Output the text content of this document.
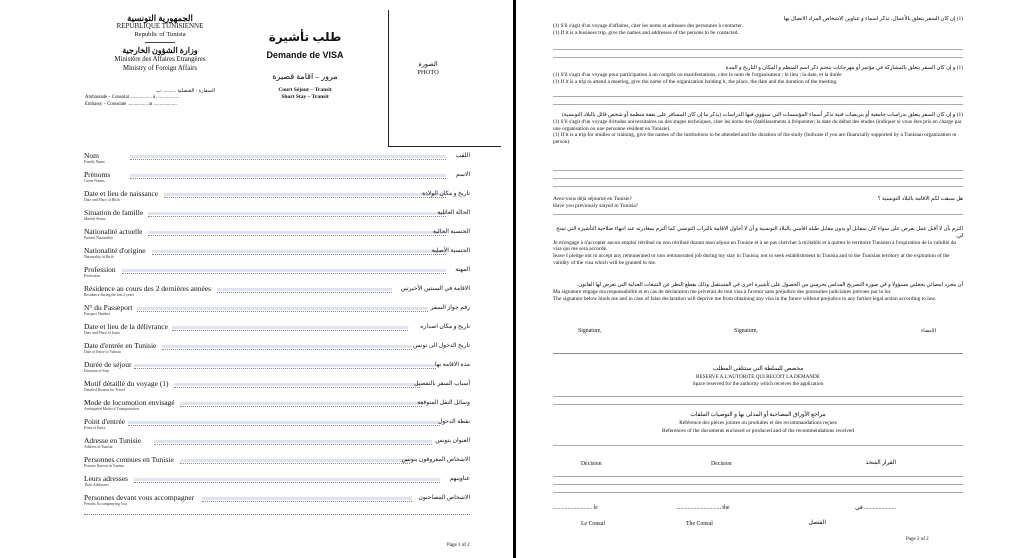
الجمهورية التونسية
REPUBLIQUE TUNISIENNE
Republic of Tunisia
وزارة الشؤون الخارجية
Ministère des Affaires Etrangères
Ministry of Foreign Affairs
السفارة - القنصلية ........... ب
Ambassade – Consulat .................. à ...................
Embassy – Consulate ................. at ....................
طلب تأشيرة
Demande de VISA
مرور – اقامة قصيرة
Court Séjour – Transit
Short Stay – Transit
الصورة
PHOTO
Nom
Family Name
اللقب
Prénoms
Given Names
الاسم
Date et lieu de naissance
Date and Place of Birth
تاريخ و مكان الولادة
Situation de famille
Marital Status
الحالة العائلية
Nationalité actuelle
Present Nationality
الجنسية الحالية
Nationalité d'origine
Nationality at Birth
الجنسية الأصلية
Profession
Profession
المهنة
Résidence au cours des 2 dernières années
Residence during the last 2 years
الاقامة في السنتين الأخيرتين
N° du Passeport
Passport Number
رقم جواز السفر
Date et lieu de la délivrance
Date and Place of Issue
تاريخ و مكان اصداره
Date d'entrée en Tunisie
Date of Entry to Tunisia
تاريخ الدخول الى تونس
Durée de séjour
Duration of Stay
مدة الاقامة بها
Motif détaillé du voyage (1)
Detailed Reason for Travel
أسباب السفر بالتفصيل
Mode de locomotion envisagé
Anticipated Mode of Transportation
وسائل النقل المتوقعة
Point d'entrée
Point of Entry
نقطة الدخول
Adresse en Tunisie
Address in Tunisia
العنوان بتونس
Personnes connues en Tunisie
Persons Known in Tunisia
الاشخاص المعروفون بتونس
Leurs adresses
Their Addresses
عناوينهم
Personnes devant vous accompagner
Persons Accompanying You
الاشخاص المصاحبون
Page 1 of 2
(1) إن كان السفر يتعلق بالأعمال، تذكر اسماء و عناوين الاشخاص المراد الاتصال بها
(1) S'il s'agit d'un voyage d'affaires, citer les noms et adresses des personnes à contacter.
(1) If it is a business trip, give the names and addresses of the persons to be contacted.
(1) و إن كان السفر يتعلق بالمشاركة في مؤتمر أو مهرجانات يتحتم ذكر اسم المنظم و المكان و التاريخ و المدة
(1) S'il s'agit d'un voyage pour participation à un congrès ou manifestations, citer le nom de l'organisateur ; le lieu ; la date, et la durée
(1) If it is a trip to attend a meeting, give the name of the organization holding it, the place, the date and the duration of the meeting.
(1) و إن كان السفر يتعلق بدراسات جامعية أو بتربصات فنية تذكر أسماء المؤسسات التي ستؤوي فيها الدراسات (يذكر ما إن كان المسافر على نفقة منظمة أو شخص قائل بالبلاد التونسية)
(1) S'il s'agit d'un voyage d'études universitaires ou des stages techniques, citer les noms des (établissements à fréquenter; la date du début des études (indiquer si vous êtes pris en charge par une organisation ou une personne résident en Tunisie).
(1) If it is a trip for studies or training, give the names of the institutions to be attended and the duration of the study (Indicate if you are financially supported by a Tunisian organization or person).
Avez-vous déjà séjourné en Tunisie?
Have you previously stayed in Tunisia?
هل سبقت لكم الاقامة بالبلاد التونسية ؟
التزم بأن لا أقبل عمل بعرض على سواء كان بمقابل أو بدون مقابل طيلة اقامتي بالبلاد التونسية و أن لا أحاول الاقامة بالتراب التونسي كما ألتزم بمغادرته عند انتهاء صلاحية التأشيرة التي تمنح لي.
Je m'engage à n'accepter aucun emploi rétribué ou non rétribué durant mon séjour en Tunisie et à ne pas chercher à m'établir et à quitter le territoire Tunisien à l'expiration de la validité du visa qui me sera accordé.
Ieave I pledge not to accept any remunerated or non remunerated job during my stay in Tunisia, not to seek establishment in Tunisia and to the Tunisian territory at the expiration of the validity of the visa which will be granted to me.
أن مجرد امضائي يجعلني مسؤولا و في صورة التصريح المدلس يحرمني من الحصول على تأشيرة اخرى في المستقبل وذلك بقطع النظر عن التتبعات العدلية التي تعرض لها القانون.
Ma signature engage ma responsabilité et en cas de déclaration me priverait de tout visa à l'avenir sans préjudice des poursuites judiciaires prévues par la loi.
The signature below binds me and in case of false declaration will deprive me from obtaining any visa in the future without prejudice to any further legal action according to law.
Signature,	Signature,	الامضاء
مخصص للسلطة التي ستتلقى المطلب
RESERVE A L'AUTORITE QUI RECOIT LA DEMANDE
Space reserved for the authority which receives the application
مراجع الأوراق المصاحبة أو المدلى بها و التوصيات الملقات
Référence des pièces jointes ou produites et des recommandations reçues
References of the documents enclosed or produced and of the recommendations received
Décision	Decision	القرار المتخذ
........................... le	............................... the	...................... في
Le Consul	The Consul	القنصل
Page 2 of 2
